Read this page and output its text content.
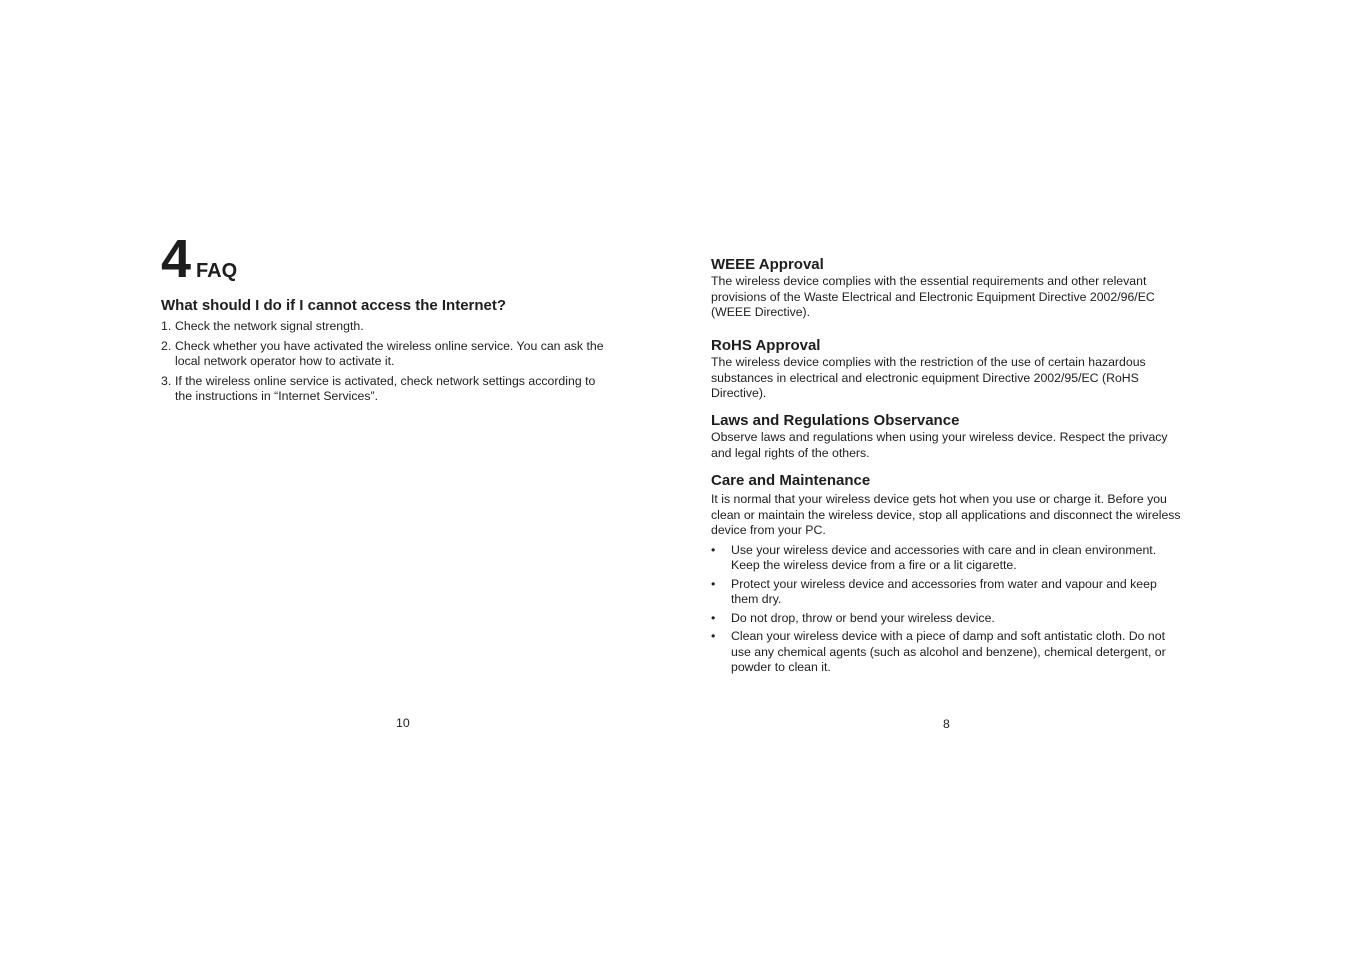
4 FAQ
What should I do if I cannot access the Internet?
1. Check the network signal strength.
2. Check whether you have activated the wireless online service. You can ask the local network operator how to activate it.
3. If the wireless online service is activated, check network settings according to the instructions in “Internet Services”.
10
WEEE Approval

The wireless device complies with the essential requirements and other relevant provisions of the Waste Electrical and Electronic Equipment Directive 2002/96/EC (WEEE Directive).

RoHS Approval

The wireless device complies with the restriction of the use of certain hazardous substances in electrical and electronic equipment Directive 2002/95/EC (RoHS Directive).

Laws and Regulations Observance

Observe laws and regulations when using your wireless device. Respect the privacy and legal rights of the others.

Care and Maintenance

It is normal that your wireless device gets hot when you use or charge it. Before you clean or maintain the wireless device, stop all applications and disconnect the wireless device from your PC.

• Use your wireless device and accessories with care and in clean environment. Keep the wireless device from a fire or a lit cigarette.
• Protect your wireless device and accessories from water and vapour and keep them dry.
• Do not drop, throw or bend your wireless device.
• Clean your wireless device with a piece of damp and soft antistatic cloth. Do not use any chemical agents (such as alcohol and benzene), chemical detergent, or powder to clean it.
8
